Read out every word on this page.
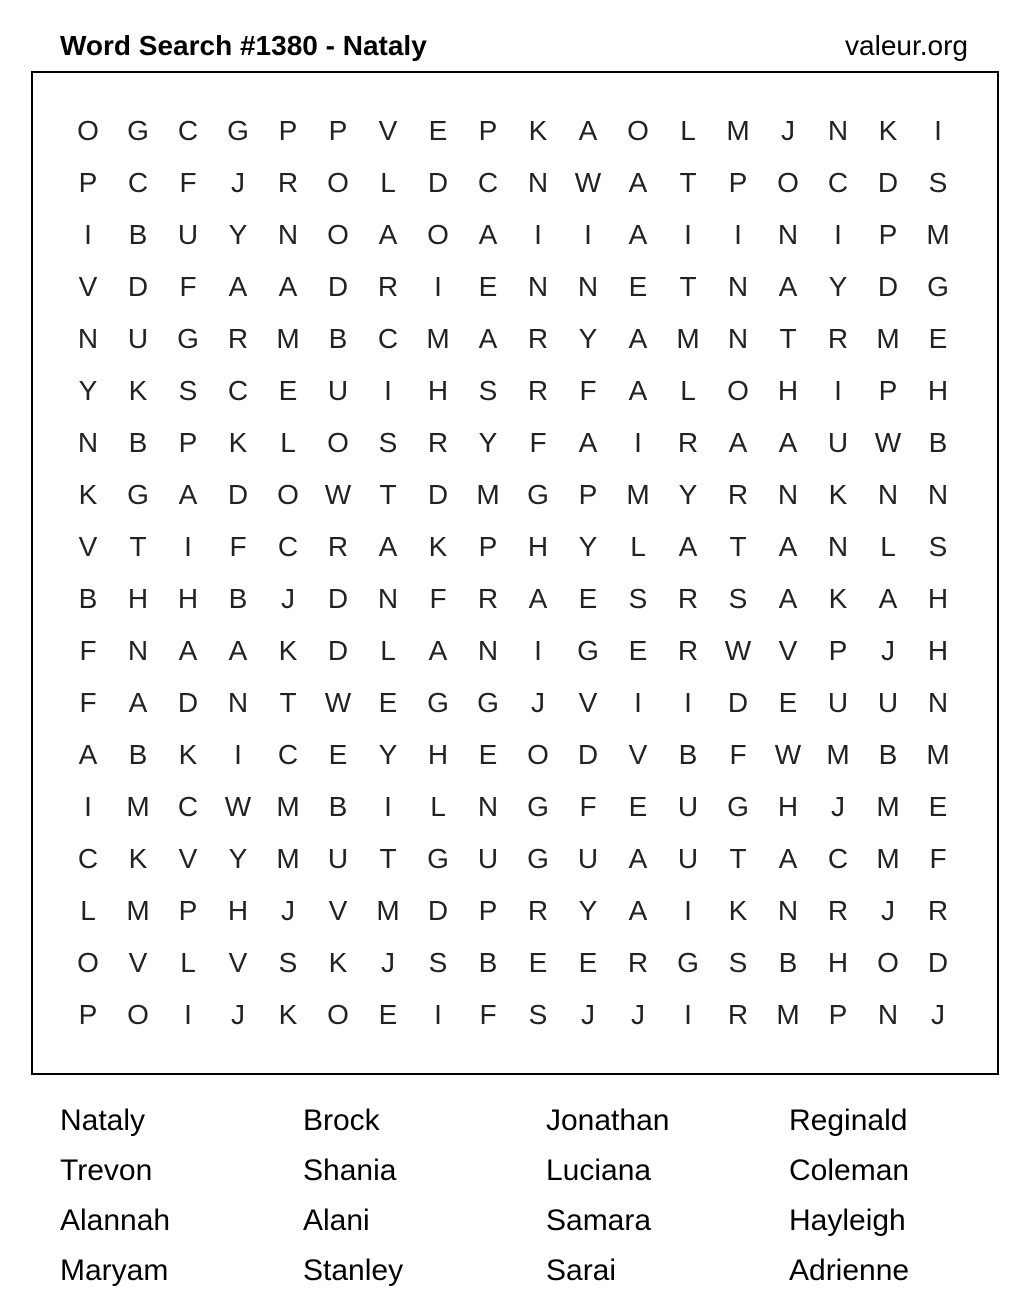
Word Search #1380 - Nataly	valeur.org
O	G	C	G	P	P	V	E	P	K	A	O	L	M	J	N	K	I
P	C	F	J	R	O	L	D	C	N W A	T	P	O	C	D	S
I	B	U	Y	N	O	A	O	A	I	I	A	I	I	N	I	P	M
V	D	F	A	A	D	R	I	E	N	N	E	T	N	A	Y	D	G
N	U	G	R	M	B	C	M	A	R	Y	A	M	N	T	R	M	E
Y	K	S	C	E	U	I	H	S	R	F	A	L	O	H	I	P	H
N	B	P	K	L	O	S	R	Y	F	A	I	R	A	A	U W B
K	G	A	D	O W	T	D	M G	P	M	Y	R	N	K	N	N
V	T	I	F	C	R	A	K	P	H	Y	L	A	T	A	N	L	S
B	H	H	B	J	D	N	F	R	A	E	S	R	S	A	K	A	H
F	N	A	A	K	D	L	A	N	I	G	E	R W V	P	J	H
F	A	D	N	T	W E	G	G	J	V	I	I	D	E	U	U	N
A	B	K	I	C	E	Y	H	E	O	D	V	B	F	W M	B	M
I	M	C W M	B	I	L	N	G	F	E	U	G	H	J	M	E
C	K	V	Y	M	U	T	G	U	G	U	A	U	T	A	C	M	F
L	M	P	H	J	V	M	D	P	R	Y	A	I	K	N	R	J	R
O	V	L	V	S	K	J	S	B	E	E	R	G	S	B	H	O	D
P	O	I	J	K	O	E	I	F	S	J	J	I	R	M	P	N	J
Nataly	Brock	Jonathan	Reginald
Trevon	Shania	Luciana	Coleman
Alannah	Alani	Samara	Hayleigh
Maryam	Stanley	Sarai	Adrienne
